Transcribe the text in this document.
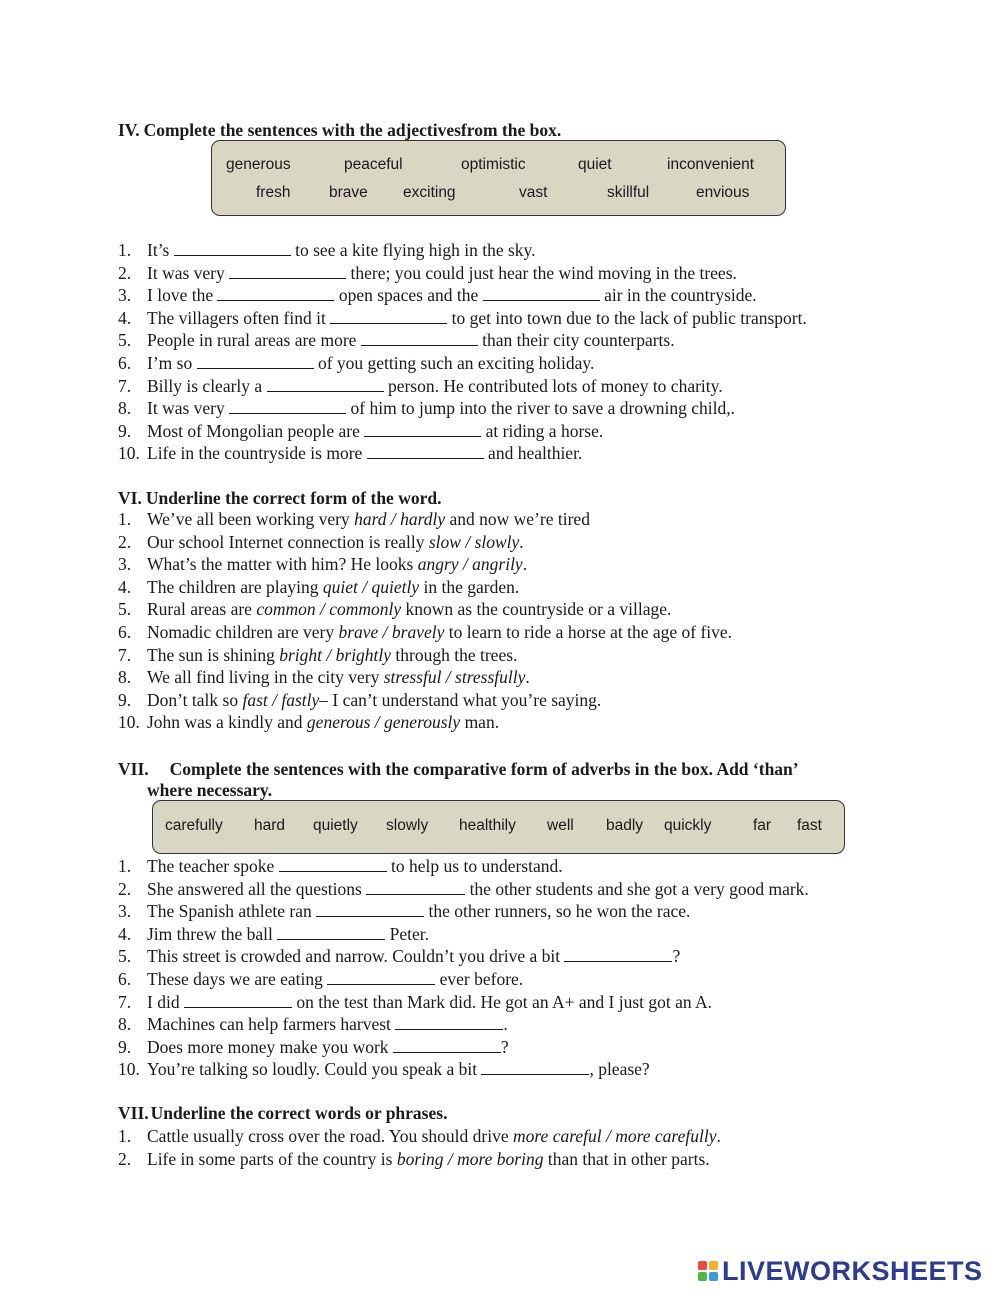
IV. Complete the sentences with the adjectivesfrom the box.
generous	peaceful	optimistic	quiet	inconvenient
fresh brave exciting	vast	skillful	envious
1. It’s	to see a kite flying high in the sky.
2. It was very	there; you could just hear the wind moving in the trees.
3. I love the	open spaces and the	air in the countryside.
4. The villagers often find it	to get into town due to the lack of public transport.
5. People in rural areas are more	than their city counterparts.
6. I’m so	of you getting such an exciting holiday.
7. Billy is clearly a	person. He contributed lots of money to charity.
8. It was very	of him to jump into the river to save a drowning child,.
9. Most of Mongolian people are	at riding a horse.
10. Life in the countryside is more	and healthier.
VI. Underline the correct form of the word.
1. We’ve all been working very hard / hardly and now we’re tired
2. Our school Internet connection is really slow / slowly.
3. What’s the matter with him? He looks angry / angrily.
4. The children are playing quiet / quietly in the garden.
5. Rural areas are common / commonly known as the countryside or a village.
6. Nomadic children are very brave / bravely to learn to ride a horse at the age of five.
7. The sun is shining bright / brightly through the trees.
8. We all find living in the city very stressful / stressfully.
9. Don’t talk so fast / fastly– I can’t understand what you’re saying.
10. John was a kindly and generous / generously man.
VII. Complete the sentences with the comparative form of adverbs in the box. Add ‘than’
where necessary.
carefully hard quietly slowly healthily well badly quickly	far fast
1. The teacher spoke	to help us to understand.
2. She answered all the questions	the other students and she got a very good mark.
3. The Spanish athlete ran	the other runners, so he won the race.
4. Jim threw the ball	Peter.
5. This street is crowded and narrow. Couldn’t you drive a bit	?
6. These days we are eating	ever before.
7. I did	on the test than Mark did. He got an A+ and I just got an A.
8. Machines can help farmers harvest	.
9. Does more money make you work	?
10. You’re talking so loudly. Could you speak a bit	, please?
VII. Underline the correct words or phrases.
1. Cattle usually cross over the road. You should drive more careful / more carefully.
2. Life in some parts of the country is boring / more boring than that in other parts.
LIVEWORKSHEETS
